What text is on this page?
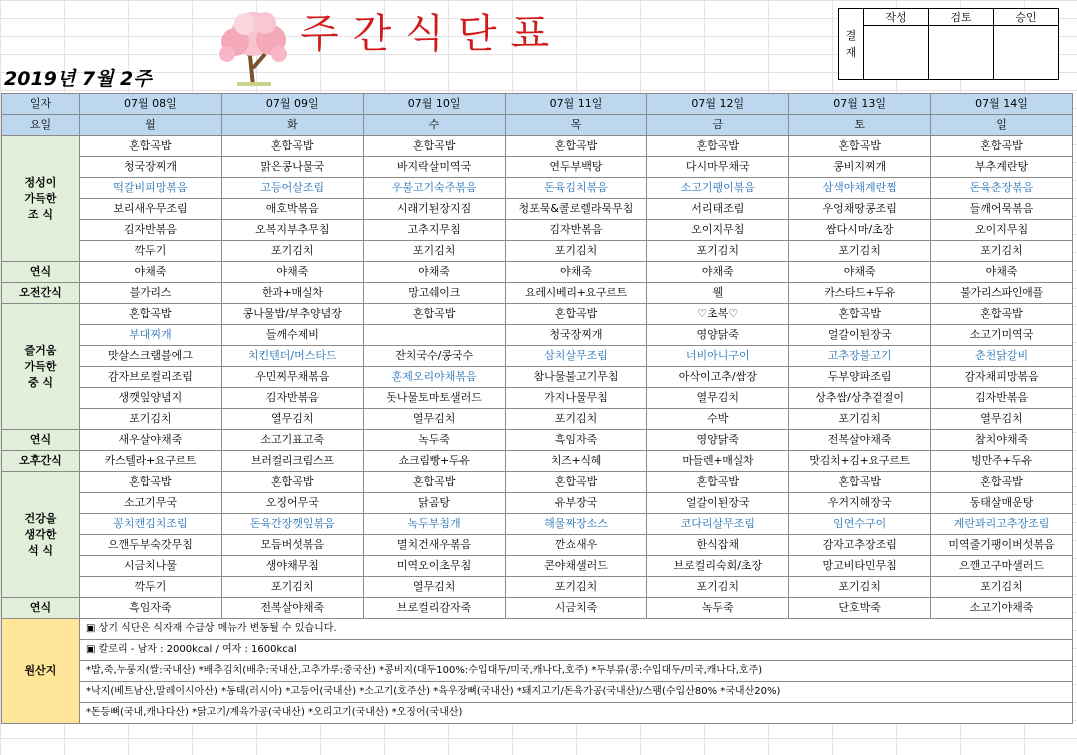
주간식단표
2019년 7월 2주
결재	작성	검토	승인

일자	07월 08일	07월 09일	07월 10일	07월 11일	07월 12일	07월 13일	07월 14일
요일	월	화	수	목	금	토	일
정성이
가득한
조 식	혼합곡밥	혼합곡밥	혼합곡밥	혼합곡밥	혼합곡밥	혼합곡밥	혼합곡밥
	청국장찌개	맑은콩나물국	바지락살미역국	연두부백탕	다시마무채국	콩비지찌개	부추계란탕
	떡갈비피망볶음	고등어살조림	우불고기숙주볶음	돈육김치볶음	소고기팽이볶음	삼색야채계란찜	돈육춘장볶음
	보리새우무조림	애호박볶음	시래기된장지짐	청포묵&콜로렐라묵무침	서리태조림	우엉채땅콩조림	들깨어묵볶음
	김자반볶음	오복지부추무침	고추지무침	김자반볶음	오이지무침	쌈다시마/초장	오이지무침
	깍두기	포기김치	포기김치	포기김치	포기김치	포기김치	포기김치
연식	야채죽	야채죽	야채죽	야채죽	야채죽	야채죽	야채죽
오전간식	블가리스	한과+매실차	망고쉐이크	요레시베리+요구르트	웰	카스타드+두유	불가리스파인애플
즐거움
가득한
중 식	혼합곡밥	콩나물밥/부추양념장	혼합곡밥	혼합곡밥	♡초복♡	혼합곡밥	혼합곡밥
	부대찌개	들깨수제비		청국장찌개	영양닭죽	얼갈이된장국	소고기미역국
	맛살스크램블에그	치킨텐더/머스타드	잔치국수/콩국수	삼치살무조림	너비아니구이	고추장불고기	춘천닭갈비
	감자브로컬리조림	우민찌무채볶음	훈제오리야채볶음	참나물불고기무침	아삭이고추/쌈장	두부양파조림	감자채피망볶음
	생깻잎양념지	김자반볶음	돗나물토마토샐러드	가지나물무침	열무김치	상추쌈/상추겉절이	김자반볶음
	포기김치	열무김치	열무김치	포기김치	수박	포기김치	열무김치
연식	새우살야채죽	소고기표고죽	녹두죽	흑임자죽	영양닭죽	전복살야채죽	참치야채죽
오후간식	카스텔라+요구르트	브러컬리크림스프	쇼크림빵+두유	치즈+식혜	마들렌+매실차	맛김치+김+요구르트	빙만주+두유
건강을
생각한
석 식	혼합곡밥	혼합곡밥	혼합곡밥	혼합곡밥	혼합곡밥	혼합곡밥	혼합곡밥
	소고기무국	오징어무국	닭곰탕	유부장국	얼갈이된장국	우거지해장국	동태살매운탕
	꽁치캔김치조림	돈육간장깻잎볶음	녹두부침개	해물짜장소스	코다리살무조림	임연수구이	계란꽈리고추장조림
	으깬두부숙갓무침	모듬버섯볶음	멸치건새우볶음	깐쇼새우	한식잡채	감자고추장조림	미역줄기팽이버섯볶음
	시금치나물	생야채무침	미역오이초무침	콘야채샐러드	브로컬리숙회/초장	망고비타민무침	으깬고구마샐러드
	깍두기	포기김치	열무김치	포기김치	포기김치	포기김치	포기김치
연식	흑임자죽	전복살야채죽	브로컬리감자죽	시금치죽	녹두죽	단호박죽	소고기야채죽
원산지	▣ 상기 식단은 식자재 수급상 메뉴가 변동될 수 있습니다.						
	▣ 칼로리 - 남자 : 2000kcal / 여자 : 1600kcal						
	*밥,죽,누룽지(쌀:국내산) *배추김치(배추:국내산,고추가루:중국산) *콩비지(대두100%:수입대두/미국,캐나다,호주) *두부류(콩:수입대두/미국,캐나다,호주)						
	*낙지(베트남산,말레이시아산) *동태(러시아) *고등어(국내산) *소고기(호주산) *육우장뼈(국내산) *돼지고기/돈육가공(국내산)/스팸(수입산80% *국내산20%)						
	*돈등뼈(국내,캐나다산) *닭고기/계육가공(국내산) *오리고기(국내산) *오징어(국내산)						
